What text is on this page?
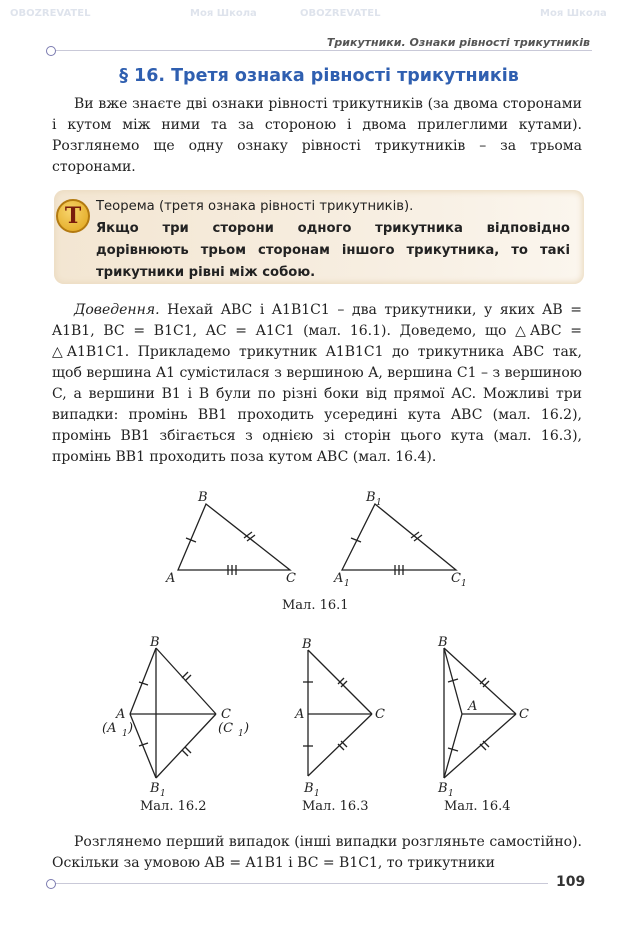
OBOZREVATEL	Моя Школа	OBOZREVATEL	Моя Школа
Трикутники. Ознаки рівності трикутників
§ 16. Третя ознака рівності трикутників

Ви вже знаєте дві ознаки рівності трикутників (за двома сторонами і кутом між ними та за стороною і двома прилеглими кутами). Розглянемо ще одну ознаку рівності трикутників – за трьома сторонами.

Т	Теорема (третя ознака рівності трикутників).
Якщо три сторони одного трикутника відповідно дорівнюють трьом сторонам іншого трикутника, то такі трикутники рівні між собою.

Доведення. Нехай ABC і A1B1C1 – два трикутники, у яких AB = A1B1, BC = B1C1, AC = A1C1 (мал. 16.1). Доведемо, що △ABC = △A1B1C1. Прикладемо трикутник A1B1C1 до трикутника ABC так, щоб вершина A1 сумістилася з вершиною A, вершина C1 – з вершиною C, а вершини B1 і B були по різні боки від прямої AC. Можливі три випадки: промінь BB1 проходить усередині кута ABC (мал. 16.2), промінь BB1 збігається з однією зі сторін цього кута (мал. 16.3), промінь BB1 проходить поза кутом ABC (мал. 16.4).

B
A	C
B 1
A 1	C 1
Мал. 16.1
B
A
(A 1 )
C
(C 1 )
B 1
Мал. 16.2
B
A	C
B 1
Мал. 16.3
B
A
C
B 1
Мал. 16.4

Розглянемо перший випадок (інші випадки розгляньте самостійно). Оскільки за умовою AB = A1B1 і BC = B1C1, то трикутники

109
